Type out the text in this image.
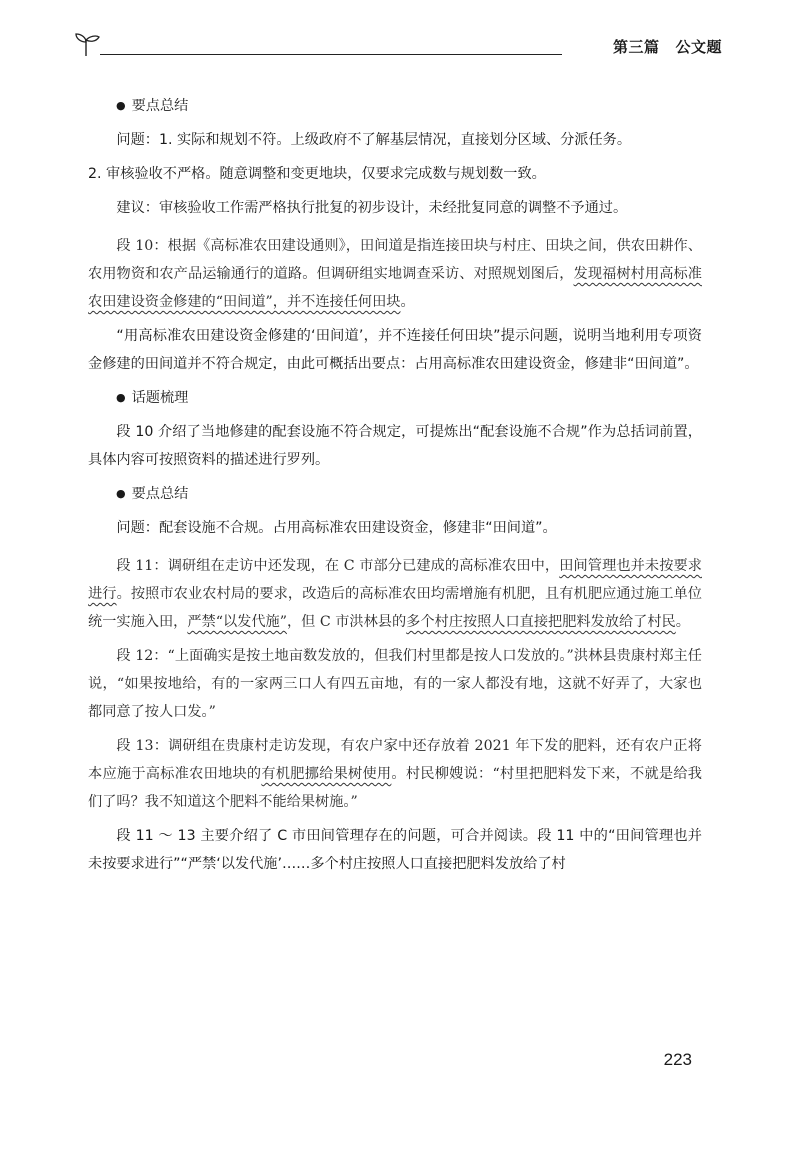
第三篇 公文题
● 要点总结

问题：1. 实际和规划不符。上级政府不了解基层情况，直接划分区域、分派任务。

2. 审核验收不严格。随意调整和变更地块，仅要求完成数与规划数一致。

建议：审核验收工作需严格执行批复的初步设计，未经批复同意的调整不予通过。

段 10：根据《高标准农田建设通则》，田间道是指连接田块与村庄、田块之间，供农田耕作、农用物资和农产品运输通行的道路。但调研组实地调查采访、对照规划图后，发现福树村用高标准农田建设资金修建的“田间道”，并不连接任何田块。

“用高标准农田建设资金修建的‘田间道’，并不连接任何田块”提示问题，说明当地利用专项资金修建的田间道并不符合规定，由此可概括出要点：占用高标准农田建设资金，修建非“田间道”。

● 话题梳理

段 10 介绍了当地修建的配套设施不符合规定，可提炼出“配套设施不合规”作为总括词前置，具体内容可按照资料的描述进行罗列。

● 要点总结

问题：配套设施不合规。占用高标准农田建设资金，修建非“田间道”。

段 11：调研组在走访中还发现，在 C 市部分已建成的高标准农田中，田间管理也并未按要求进行。按照市农业农村局的要求，改造后的高标准农田均需增施有机肥，且有机肥应通过施工单位统一实施入田，严禁“以发代施”，但 C 市洪林县的多个村庄按照人口直接把肥料发放给了村民。

段 12：“上面确实是按土地亩数发放的，但我们村里都是按人口发放的。”洪林县贵康村郑主任说，“如果按地给，有的一家两三口人有四五亩地，有的一家人都没有地，这就不好弄了，大家也都同意了按人口发。”

段 13：调研组在贵康村走访发现，有农户家中还存放着 2021 年下发的肥料，还有农户正将本应施于高标准农田地块的有机肥挪给果树使用。村民柳嫂说：“村里把肥料发下来，不就是给我们了吗？我不知道这个肥料不能给果树施。”

段 11 ～ 13 主要介绍了 C 市田间管理存在的问题，可合并阅读。段 11 中的“田间管理也并未按要求进行”“严禁‘以发代施’……多个村庄按照人口直接把肥料发放给了村

223
